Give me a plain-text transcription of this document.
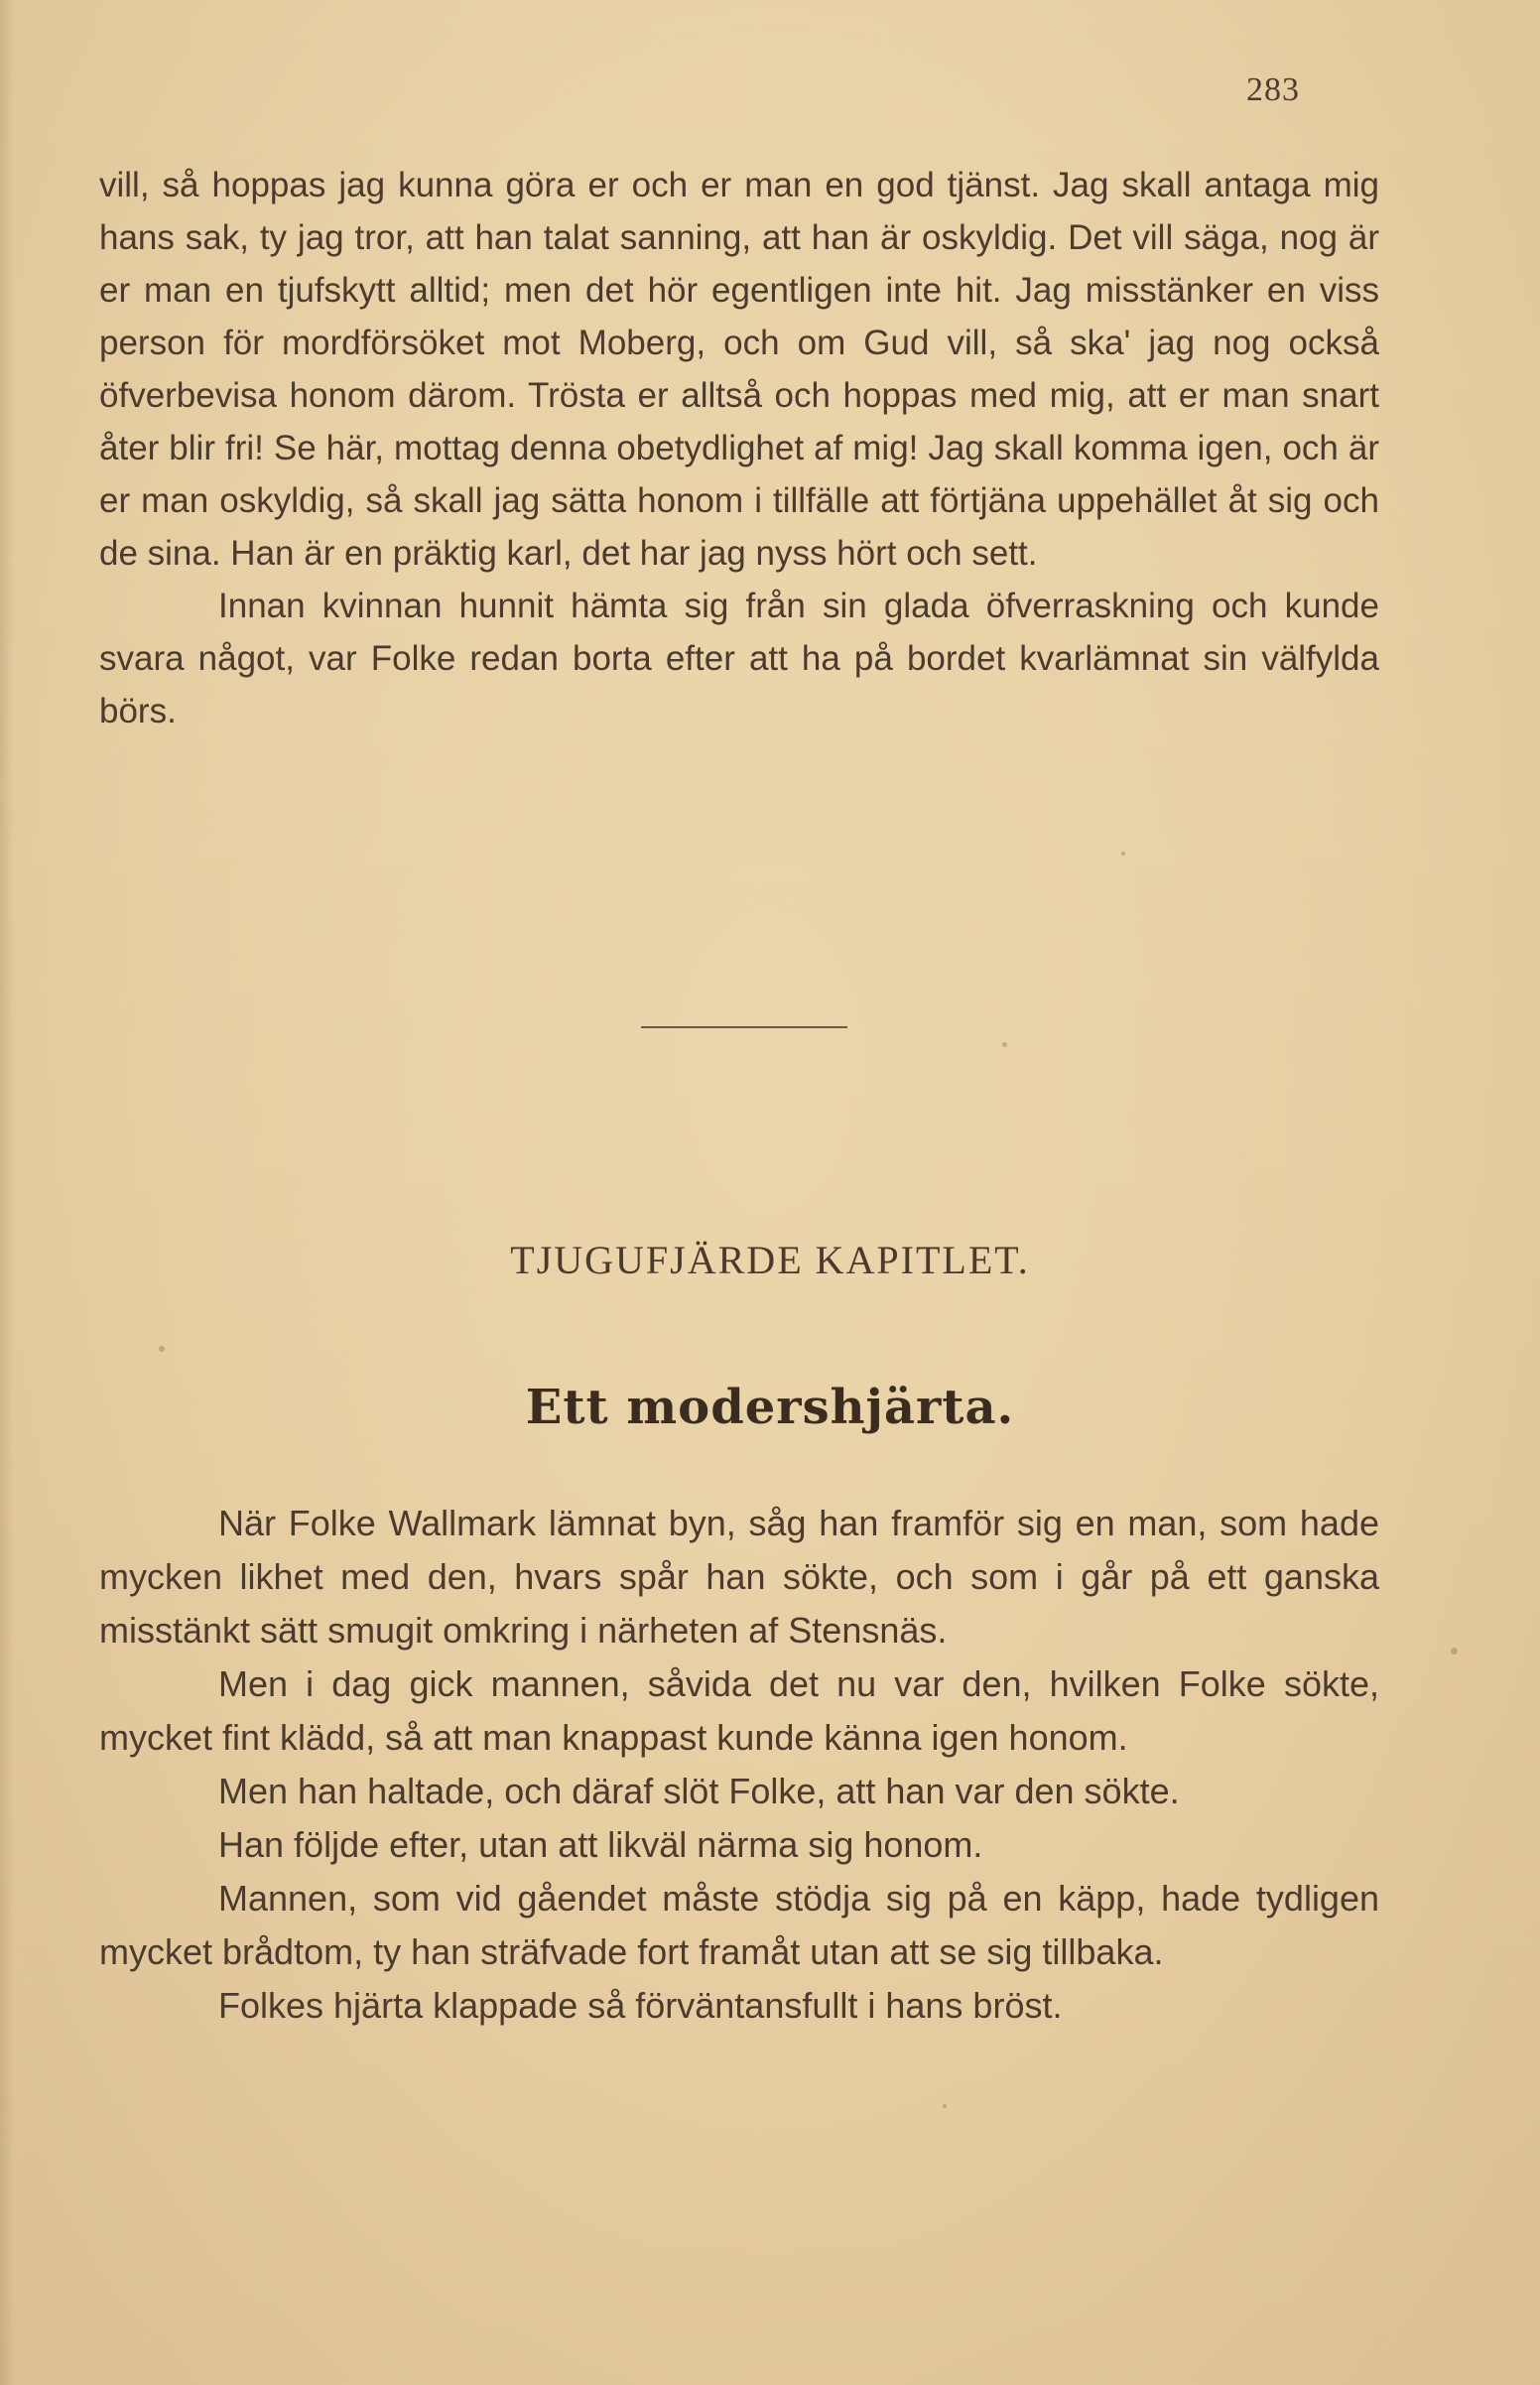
283

vill, så hoppas jag kunna göra er och er man en god tjänst. Jag skall antaga mig hans sak, ty jag tror, att han talat sanning, att han är oskyldig. Det vill säga, nog är er man en tjufskytt alltid; men det hör egentligen inte hit. Jag misstänker en viss person för mordförsöket mot Moberg, och om Gud vill, så ska' jag nog också öfverbevisa honom därom. Trösta er alltså och hoppas med mig, att er man snart åter blir fri! Se här, mottag denna obetydlighet af mig! Jag skall komma igen, och är er man oskyldig, så skall jag sätta honom i tillfälle att förtjäna uppehället åt sig och de sina. Han är en präktig karl, det har jag nyss hört och sett.

Innan kvinnan hunnit hämta sig från sin glada öfverraskning och kunde svara något, var Folke redan borta efter att ha på bordet kvarlämnat sin välfylda börs.

TJUGUFJÄRDE KAPITLET.
Ett modershjärta.

När Folke Wallmark lämnat byn, såg han framför sig en man, som hade mycken likhet med den, hvars spår han sökte, och som i går på ett ganska misstänkt sätt smugit omkring i närheten af Stensnäs.

Men i dag gick mannen, såvida det nu var den, hvilken Folke sökte, mycket fint klädd, så att man knappast kunde känna igen honom.

Men han haltade, och däraf slöt Folke, att han var den sökte.

Han följde efter, utan att likväl närma sig honom.

Mannen, som vid gåendet måste stödja sig på en käpp, hade tydligen mycket brådtom, ty han sträfvade fort framåt utan att se sig tillbaka.

Folkes hjärta klappade så förväntansfullt i hans bröst.
